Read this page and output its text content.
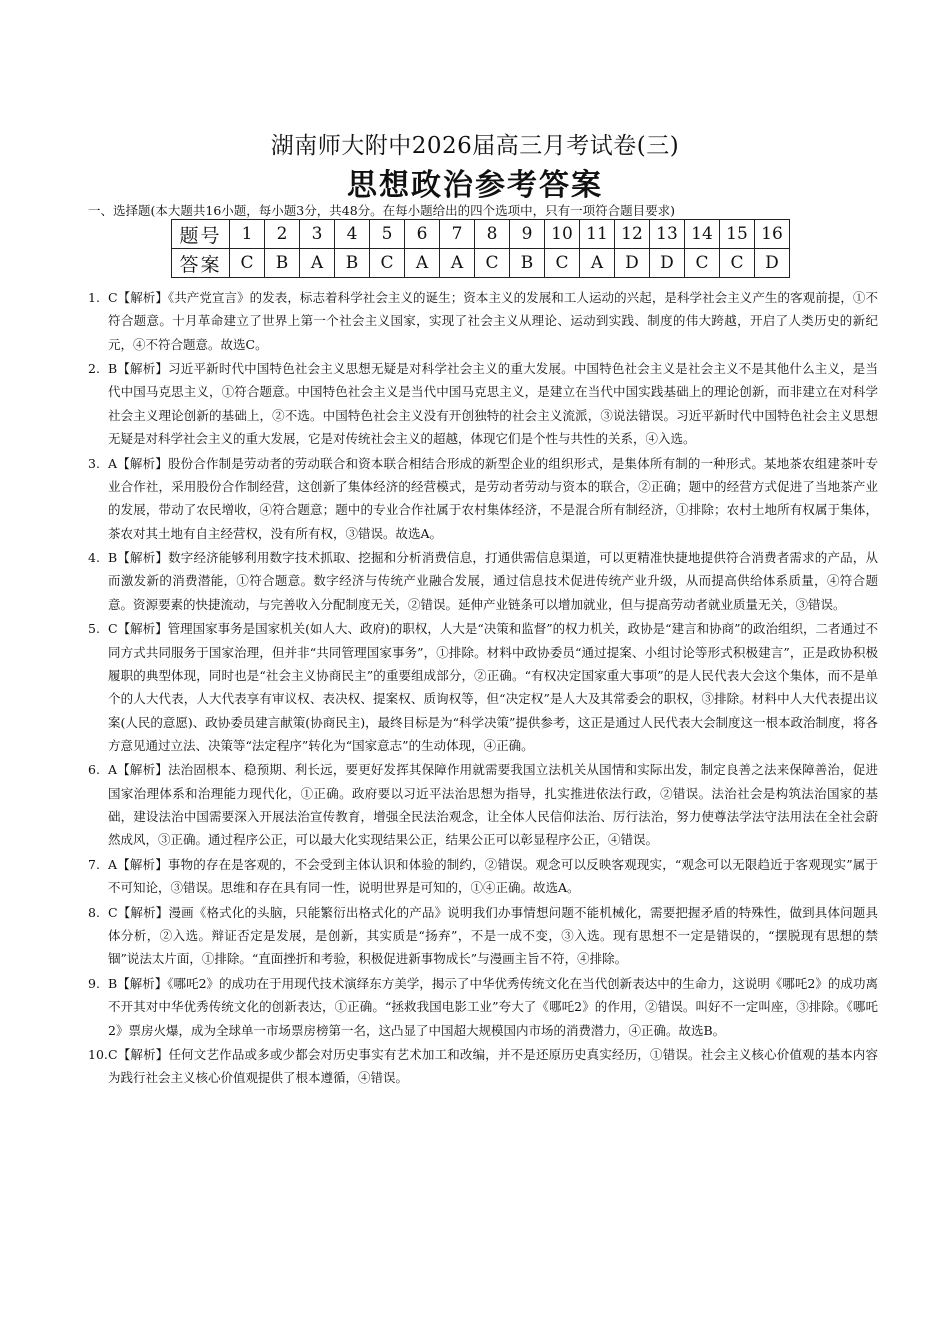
湖南师大附中2026届高三月考试卷(三)
思想政治参考答案
一、选择题(本大题共16小题，每小题3分，共48分。在每小题给出的四个选项中，只有一项符合题目要求)
题号	1	2	3	4	5	6	7	8	9	10	11	12	13	14	15	16
答案	C	B	A	B	C	A	A	C	B	C	A	D	D	C	C	D
1. C【解析】《共产党宣言》的发表，标志着科学社会主义的诞生；资本主义的发展和工人运动的兴起，是科学社会主义产生的客观前提，①不符合题意。十月革命建立了世界上第一个社会主义国家，实现了社会主义从理论、运动到实践、制度的伟大跨越，开启了人类历史的新纪元，④不符合题意。故选C。
2. B【解析】习近平新时代中国特色社会主义思想无疑是对科学社会主义的重大发展。中国特色社会主义是社会主义不是其他什么主义，是当代中国马克思主义，①符合题意。中国特色社会主义是当代中国马克思主义，是建立在当代中国实践基础上的理论创新，而非建立在对科学社会主义理论创新的基础上，②不选。中国特色社会主义没有开创独特的社会主义流派，③说法错误。习近平新时代中国特色社会主义思想无疑是对科学社会主义的重大发展，它是对传统社会主义的超越，体现它们是个性与共性的关系，④入选。
3. A【解析】股份合作制是劳动者的劳动联合和资本联合相结合形成的新型企业的组织形式，是集体所有制的一种形式。某地茶农组建茶叶专业合作社，采用股份合作制经营，这创新了集体经济的经营模式，是劳动者劳动与资本的联合，②正确；题中的经营方式促进了当地茶产业的发展，带动了农民增收，④符合题意；题中的专业合作社属于农村集体经济，不是混合所有制经济，①排除；农村土地所有权属于集体，茶农对其土地有自主经营权，没有所有权，③错误。故选A。
4. B【解析】数字经济能够利用数字技术抓取、挖掘和分析消费信息，打通供需信息渠道，可以更精准快捷地提供符合消费者需求的产品，从而激发新的消费潜能，①符合题意。数字经济与传统产业融合发展，通过信息技术促进传统产业升级，从而提高供给体系质量，④符合题意。资源要素的快捷流动，与完善收入分配制度无关，②错误。延伸产业链条可以增加就业，但与提高劳动者就业质量无关，③错误。
5. C【解析】管理国家事务是国家机关(如人大、政府)的职权，人大是“决策和监督”的权力机关，政协是“建言和协商”的政治组织，二者通过不同方式共同服务于国家治理，但并非“共同管理国家事务”，①排除。材料中政协委员“通过提案、小组讨论等形式积极建言”，正是政协积极履职的典型体现，同时也是“社会主义协商民主”的重要组成部分，②正确。“有权决定国家重大事项”的是人民代表大会这个集体，而不是单个的人大代表，人大代表享有审议权、表决权、提案权、质询权等，但“决定权”是人大及其常委会的职权，③排除。材料中人大代表提出议案(人民的意愿)、政协委员建言献策(协商民主)，最终目标是为“科学决策”提供参考，这正是通过人民代表大会制度这一根本政治制度，将各方意见通过立法、决策等“法定程序”转化为“国家意志”的生动体现，④正确。
6. A【解析】法治固根本、稳预期、利长远，要更好发挥其保障作用就需要我国立法机关从国情和实际出发，制定良善之法来保障善治，促进国家治理体系和治理能力现代化，①正确。政府要以习近平法治思想为指导，扎实推进依法行政，②错误。法治社会是构筑法治国家的基础，建设法治中国需要深入开展法治宣传教育，增强全民法治观念，让全体人民信仰法治、厉行法治，努力使尊法学法守法用法在全社会蔚然成风，③正确。通过程序公正，可以最大化实现结果公正，结果公正可以彰显程序公正，④错误。
7. A【解析】事物的存在是客观的，不会受到主体认识和体验的制约，②错误。观念可以反映客观现实，“观念可以无限趋近于客观现实”属于不可知论，③错误。思维和存在具有同一性，说明世界是可知的，①④正确。故选A。
8. C【解析】漫画《格式化的头脑，只能繁衍出格式化的产品》说明我们办事情想问题不能机械化，需要把握矛盾的特殊性，做到具体问题具体分析，②入选。辩证否定是发展，是创新，其实质是“扬弃”，不是一成不变，③入选。现有思想不一定是错误的，“摆脱现有思想的禁锢”说法太片面，①排除。“直面挫折和考验，积极促进新事物成长”与漫画主旨不符，④排除。
9. B【解析】《哪吒2》的成功在于用现代技术演绎东方美学，揭示了中华优秀传统文化在当代创新表达中的生命力，这说明《哪吒2》的成功离不开其对中华优秀传统文化的创新表达，①正确。“拯救我国电影工业”夸大了《哪吒2》的作用，②错误。叫好不一定叫座，③排除。《哪吒2》票房火爆，成为全球单一市场票房榜第一名，这凸显了中国超大规模国内市场的消费潜力，④正确。故选B。
10. C【解析】任何文艺作品或多或少都会对历史事实有艺术加工和改编，并不是还原历史真实经历，①错误。社会主义核心价值观的基本内容为践行社会主义核心价值观提供了根本遵循，④错误。
